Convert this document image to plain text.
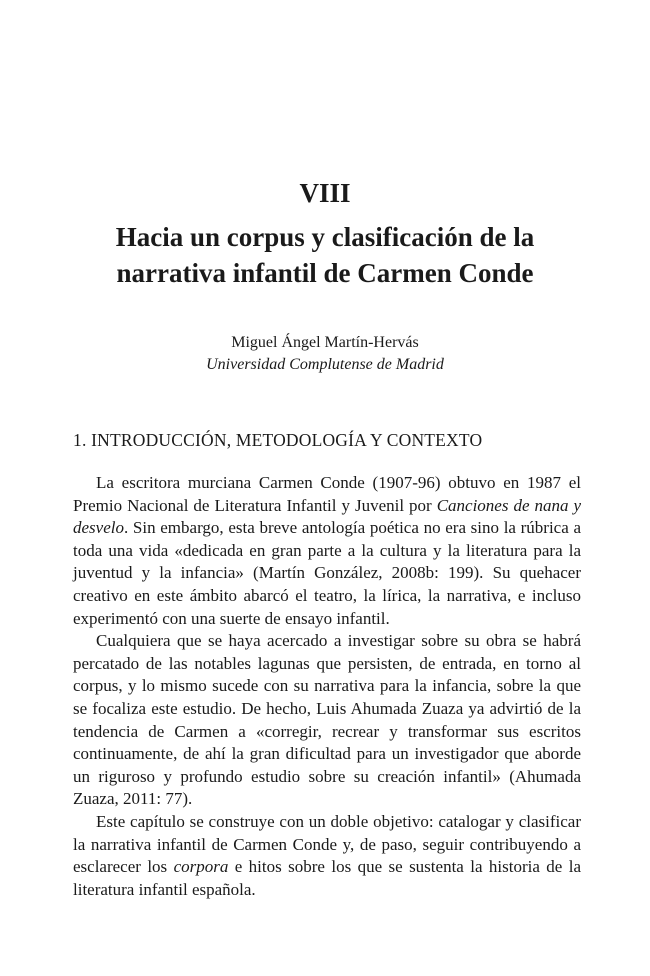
VIII
Hacia un corpus y clasificación de la narrativa infantil de Carmen Conde
Miguel Ángel Martín-Hervás
Universidad Complutense de Madrid
1. INTRODUCCIÓN, METODOLOGÍA Y CONTEXTO

La escritora murciana Carmen Conde (1907-96) obtuvo en 1987 el Premio Nacional de Literatura Infantil y Juvenil por Canciones de nana y desvelo. Sin embargo, esta breve antología poética no era sino la rúbrica a toda una vida «dedicada en gran parte a la cultura y la literatura para la juventud y la infancia» (Martín González, 2008b: 199). Su quehacer creativo en este ámbito abarcó el teatro, la lírica, la narrativa, e incluso experimentó con una suerte de ensayo infantil.

Cualquiera que se haya acercado a investigar sobre su obra se habrá percatado de las notables lagunas que persisten, de entrada, en torno al corpus, y lo mismo sucede con su narrativa para la infancia, sobre la que se focaliza este estudio. De hecho, Luis Ahumada Zuaza ya advirtió de la tendencia de Carmen a «corregir, recrear y transformar sus escritos continuamente, de ahí la gran dificultad para un investigador que aborde un riguroso y profundo estudio sobre su creación infantil» (Ahumada Zuaza, 2011: 77).

Este capítulo se construye con un doble objetivo: catalogar y clasificar la narrativa infantil de Carmen Conde y, de paso, seguir contribuyendo a esclarecer los corpora e hitos sobre los que se sustenta la historia de la literatura infantil española.
